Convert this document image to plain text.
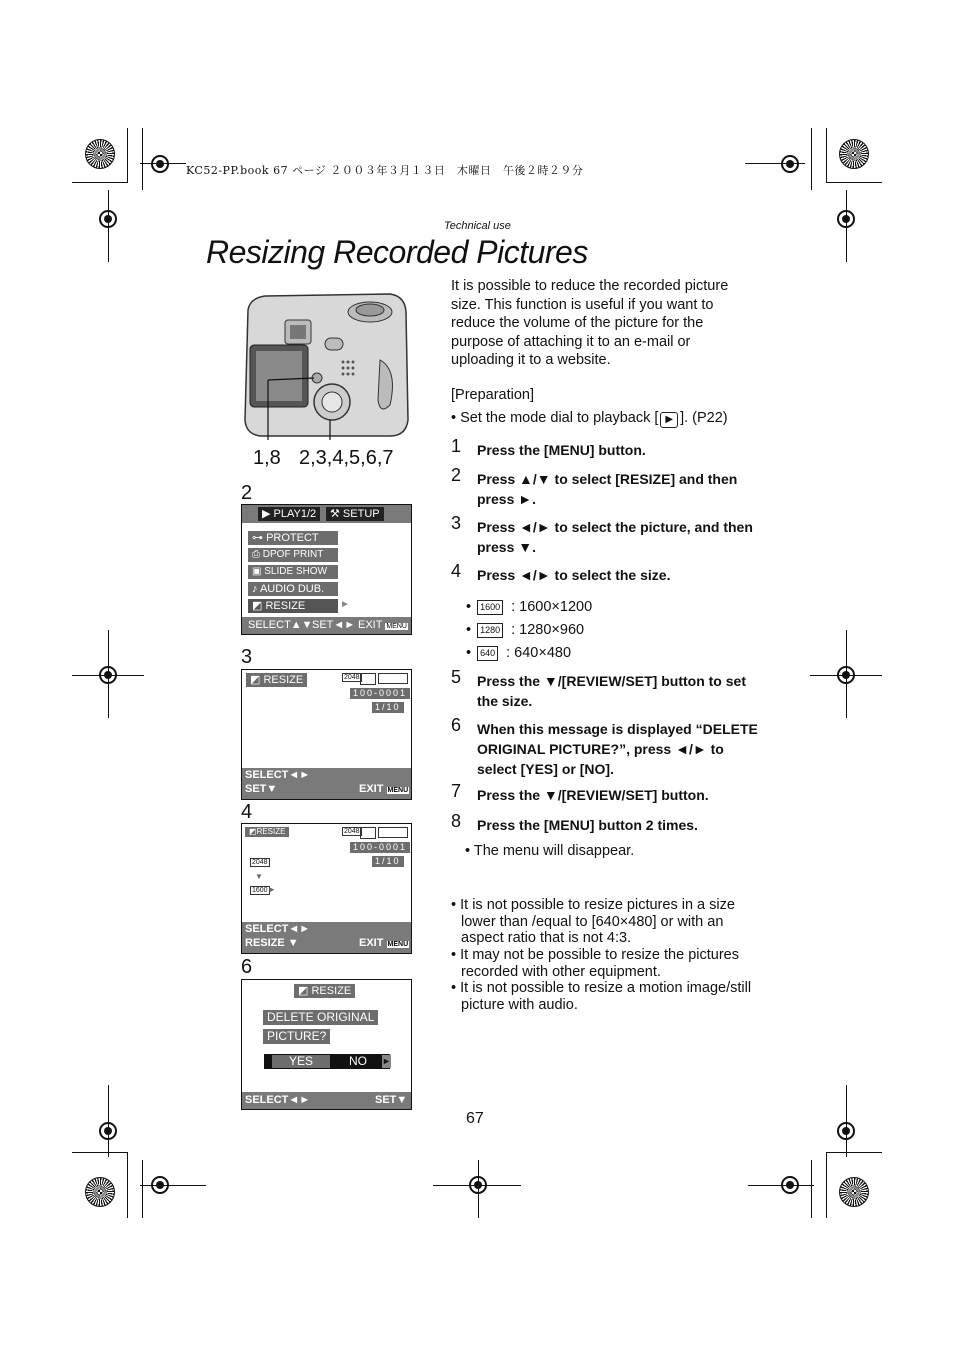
KC52-PP.book 67 ページ ２００３年３月１３日　木曜日　午後２時２９分
Technical use
Resizing Recorded Pictures
1,8 2,3,4,5,6,7
2
▶ PLAY1/2	⚒ SETUP
⊶ PROTECT
⎙ DPOF PRINT
▣ SLIDE SHOW
♪ AUDIO DUB.
◩ RESIZE	►
SELECT▲▼ SET◄► EXIT MENU
3
◩ RESIZE	2048
100-0001
1/10
SELECT◄►
SET▼	EXIT MENU
4
◩RESIZE	2048
100-0001
1/10
2048
▼
1600 ►
SELECT◄►
RESIZE ▼	EXIT MENU
6
◩ RESIZE
DELETE ORIGINAL
PICTURE?
YES	NO	►
SELECT◄►	SET▼
It is possible to reduce the recorded picture size. This function is useful if you want to reduce the volume of the picture for the purpose of attaching it to an e-mail or uploading it to a website.
[Preparation]
• Set the mode dial to playback [ ▶ ]. (P22)
1 Press the [MENU] button.
2 Press ▲/▼ to select [RESIZE] and then press ►.
3 Press ◄/► to select the picture, and then press ▼.
4 Press ◄/► to select the size.
• 1600 : 1600×1200
• 1280 : 1280×960
• 640 : 640×480
5 Press the ▼/[REVIEW/SET] button to set the size.
6 When this message is displayed “DELETE ORIGINAL PICTURE?”, press ◄/► to select [YES] or [NO].
7 Press the ▼/[REVIEW/SET] button.
8 Press the [MENU] button 2 times.
• The menu will disappear.
• It is not possible to resize pictures in a size lower than /equal to [640×480] or with an aspect ratio that is not 4:3.
• It may not be possible to resize the pictures recorded with other equipment.
• It is not possible to resize a motion image/still picture with audio.
67
